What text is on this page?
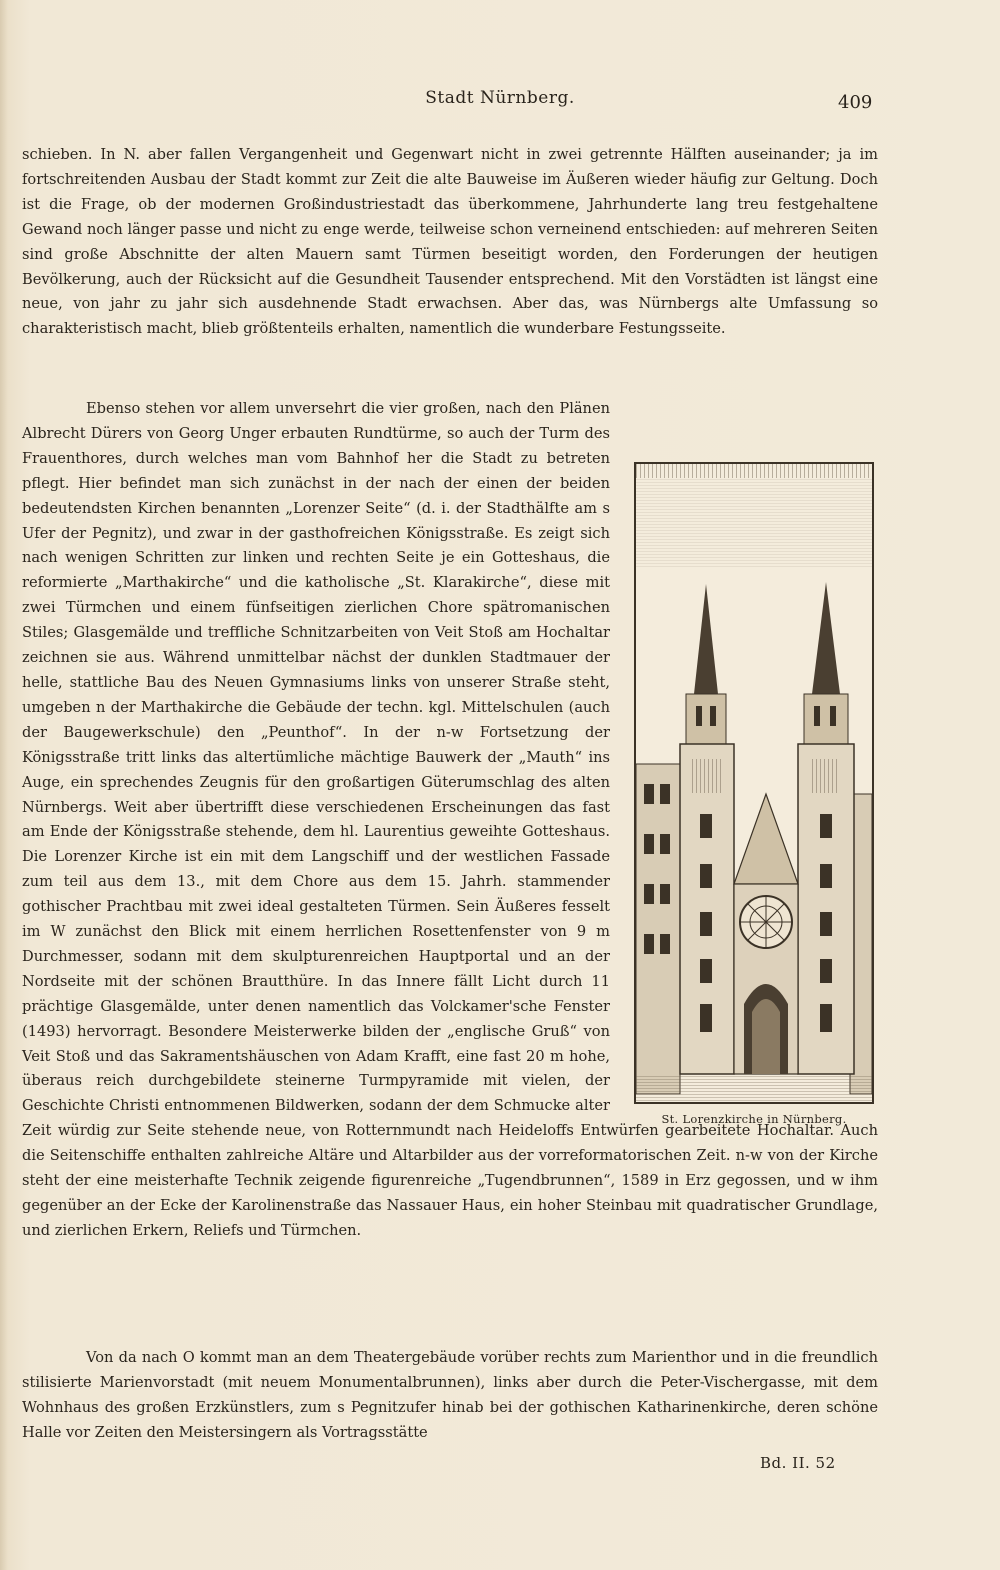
Stadt Nürnberg.	409

schieben. In N. aber fallen Vergangenheit und Gegenwart nicht in zwei getrennte Hälften auseinander; ja im fortschreitenden Ausbau der Stadt kommt zur Zeit die alte Bauweise im Äußeren wieder häufig zur Geltung. Doch ist die Frage, ob der modernen Großindustriestadt das überkommene, Jahrhunderte lang treu festgehaltene Gewand noch länger passe und nicht zu enge werde, teilweise schon verneinend entschieden: auf mehreren Seiten sind große Abschnitte der alten Mauern samt Türmen beseitigt worden, den Forderungen der heutigen Bevölkerung, auch der Rücksicht auf die Gesundheit Tausender entsprechend. Mit den Vorstädten ist längst eine neue, von jahr zu jahr sich ausdehnende Stadt erwachsen. Aber das, was Nürnbergs alte Umfassung so charakteristisch macht, blieb größtenteils erhalten, namentlich die wunderbare Festungsseite.

Ebenso stehen vor allem unversehrt die vier großen, nach den Plänen Albrecht Dürers von Georg Unger erbauten Rundtürme, so auch der Turm des Frauenthores, durch welches man vom Bahnhof her die Stadt zu betreten pflegt. Hier befindet man sich zunächst in der nach der einen der beiden bedeutendsten Kirchen benannten „Lorenzer Seite“ (d. i. der Stadthälfte am s Ufer der Pegnitz), und zwar in der gasthofreichen Königsstraße. Es zeigt sich nach wenigen Schritten zur linken und rechten Seite je ein Gotteshaus, die reformierte „Marthakirche“ und die katholische „St. Klarakirche“, diese mit zwei Türmchen und einem fünfseitigen zierlichen Chore spätromanischen Stiles; Glasgemälde und treffliche Schnitzarbeiten von Veit Stoß am Hochaltar zeichnen sie aus. Während unmittelbar nächst der dunklen Stadtmauer der helle, stattliche Bau des Neuen Gymnasiums links von unserer Straße steht, umgeben n der Marthakirche die Gebäude der techn. kgl. Mittelschulen (auch der Baugewerkschule) den „Peunthof“. In der n-w Fortsetzung der Königsstraße tritt links das altertümliche mächtige Bauwerk der „Mauth“ ins Auge, ein sprechendes Zeugnis für den großartigen Güterumschlag des alten Nürnbergs. Weit aber übertrifft diese verschiedenen Erscheinungen das fast am Ende der Königsstraße stehende, dem hl. Laurentius geweihte Gotteshaus. Die Lorenzer Kirche ist ein mit dem Langschiff und der westlichen Fassade zum teil aus dem 13., mit dem Chore aus dem 15. Jahrh. stammender gothischer Prachtbau mit zwei ideal gestalteten Türmen. Sein Äußeres fesselt im W zunächst den Blick mit einem herrlichen Rosettenfenster von 9 m Durchmesser, sodann mit dem skulpturenreichen Hauptportal und an der Nordseite mit der schönen Brautthüre. In das Innere fällt Licht durch 11 prächtige Glasgemälde, unter denen namentlich das Volckamer'sche Fenster (1493) hervorragt. Besondere Meisterwerke bilden der „englische Gruß“ von Veit Stoß und das Sakramentshäuschen von Adam Krafft, eine fast 20 m hohe, überaus reich durchgebildete steinerne Turmpyramide mit vielen, der Geschichte Christi entnommenen Bildwerken, sodann der dem Schmucke alter Zeit würdig zur Seite stehende neue, von Rotternmundt nach Heideloffs Entwürfen gearbeitete Hochaltar. Auch die Seitenschiffe enthalten zahlreiche Altäre und Altarbilder aus der vorreformatorischen Zeit. n-w von der Kirche steht der eine meisterhafte Technik zeigende figurenreiche „Tugendbrunnen“, 1589 in Erz gegossen, und w ihm gegenüber an der Ecke der Karolinenstraße das Nassauer Haus, ein hoher Steinbau mit quadratischer Grundlage, und zierlichen Erkern, Reliefs und Türmchen.

St. Lorenzkirche in Nürnberg.

Von da nach O kommt man an dem Theatergebäude vorüber rechts zum Marienthor und in die freundlich stilisierte Marienvorstadt (mit neuem Monumentalbrunnen), links aber durch die Peter-Vischergasse, mit dem Wohnhaus des großen Erzkünstlers, zum s Pegnitzufer hinab bei der gothischen Katharinenkirche, deren schöne Halle vor Zeiten den Meistersingern als Vortragsstätte

Bd. II. 52
